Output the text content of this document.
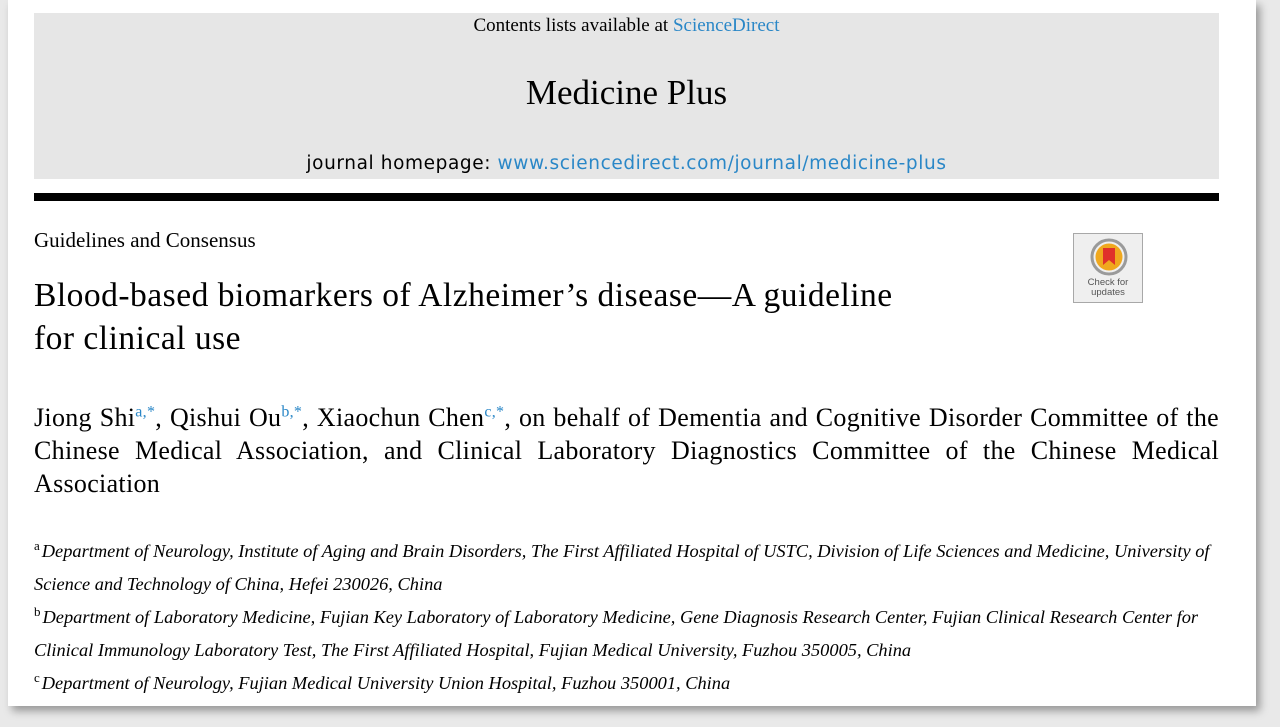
Contents lists available at ScienceDirect
Medicine Plus
journal homepage: www.sciencedirect.com/journal/medicine-plus
Guidelines and Consensus
Blood-based biomarkers of Alzheimer’s disease—A guideline
for clinical use
Check for
updates
Jiong Shi$^{a,*}$, Qishui $Ou^{b,*}$, Xiaochun Chen$^{c,*}$, on behalf of Dementia and Cognitive Disorder Committee of the Chinese Medical Association, and Clinical Laboratory Diagnostics Committee of the Chinese Medical Association
$^a$ Department of Neurology, Institute of Aging and Brain Disorders, The First Affiliated Hospital of USTC, Division of Life Sciences and Medicine, University of Science and Technology of China, Hefei 230026, China
$^b$ Department of Laboratory Medicine, Fujian Key Laboratory of Laboratory Medicine, Gene Diagnosis Research Center, Fujian Clinical Research Center for Clinical Immunology Laboratory Test, The First Affiliated Hospital, Fujian Medical University, Fuzhou 350005, China
$^c$ Department of Neurology, Fujian Medical University Union Hospital, Fuzhou 350001, China
